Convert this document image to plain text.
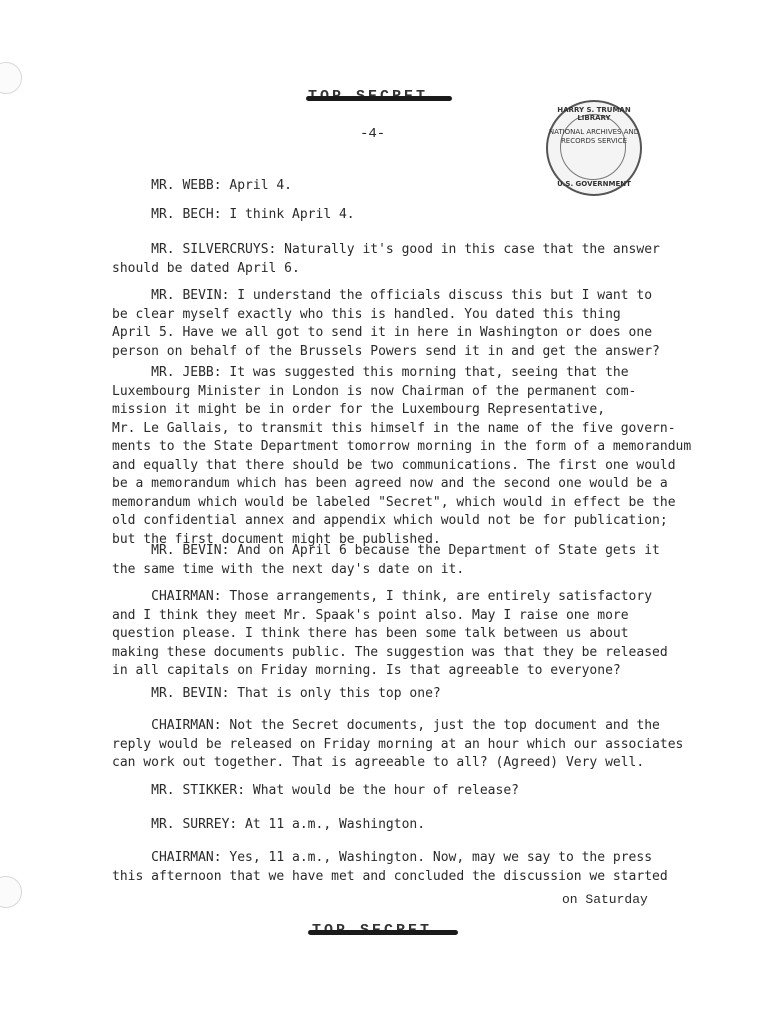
-4-
HARRY S. TRUMAN LIBRARY
NATIONAL ARCHIVES AND RECORDS SERVICE
U.S. GOVERNMENT
MR. WEBB: April 4.
MR. BECH: I think April 4.
MR. SILVERCRUYS: Naturally it's good in this case that the answer
should be dated April 6.
MR. BEVIN: I understand the officials discuss this but I want to
be clear myself exactly who this is handled. You dated this thing
April 5. Have we all got to send it in here in Washington or does one
person on behalf of the Brussels Powers send it in and get the answer?
MR. JEBB: It was suggested this morning that, seeing that the
Luxembourg Minister in London is now Chairman of the permanent com-
mission it might be in order for the Luxembourg Representative,
Mr. Le Gallais, to transmit this himself in the name of the five govern-
ments to the State Department tomorrow morning in the form of a memorandum
and equally that there should be two communications. The first one would
be a memorandum which has been agreed now and the second one would be a
memorandum which would be labeled "Secret", which would in effect be the
old confidential annex and appendix which would not be for publication;
but the first document might be published.
MR. BEVIN: And on April 6 because the Department of State gets it
the same time with the next day's date on it.
CHAIRMAN: Those arrangements, I think, are entirely satisfactory
and I think they meet Mr. Spaak's point also. May I raise one more
question please. I think there has been some talk between us about
making these documents public. The suggestion was that they be released
in all capitals on Friday morning. Is that agreeable to everyone?
MR. BEVIN: That is only this top one?
CHAIRMAN: Not the Secret documents, just the top document and the
reply would be released on Friday morning at an hour which our associates
can work out together. That is agreeable to all? (Agreed) Very well.
MR. STIKKER: What would be the hour of release?
MR. SURREY: At 11 a.m., Washington.
CHAIRMAN: Yes, 11 a.m., Washington. Now, may we say to the press
this afternoon that we have met and concluded the discussion we started
on Saturday
